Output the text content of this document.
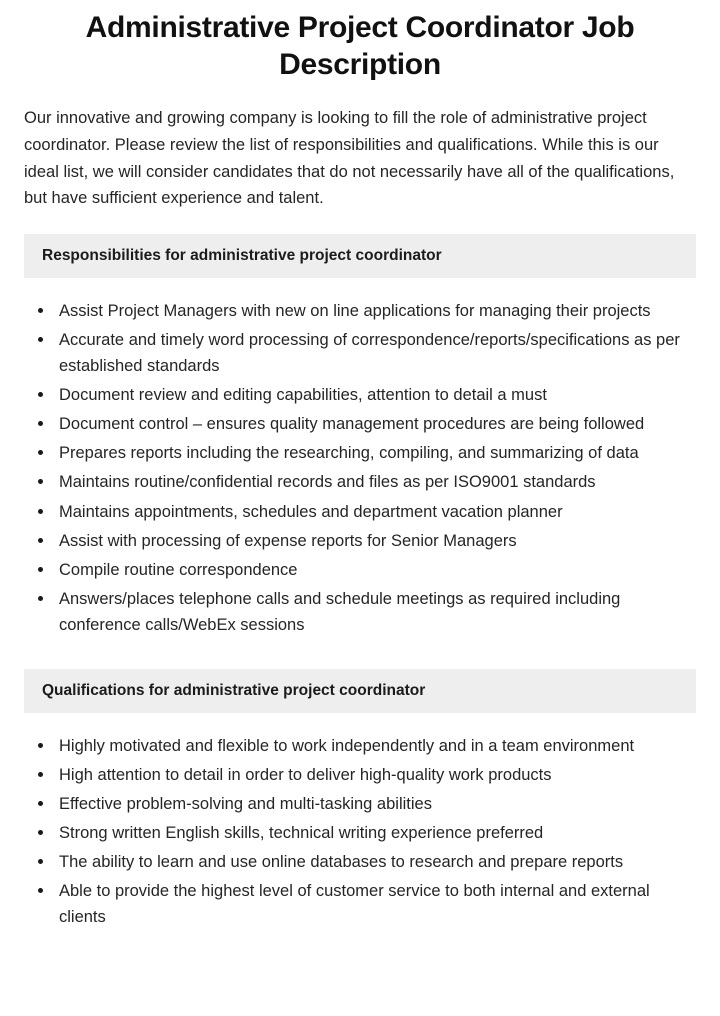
Administrative Project Coordinator Job Description

Our innovative and growing company is looking to fill the role of administrative project coordinator. Please review the list of responsibilities and qualifications. While this is our ideal list, we will consider candidates that do not necessarily have all of the qualifications, but have sufficient experience and talent.

Responsibilities for administrative project coordinator
Assist Project Managers with new on line applications for managing their projects
Accurate and timely word processing of correspondence/reports/specifications as per established standards
Document review and editing capabilities, attention to detail a must
Document control – ensures quality management procedures are being followed
Prepares reports including the researching, compiling, and summarizing of data
Maintains routine/confidential records and files as per ISO9001 standards
Maintains appointments, schedules and department vacation planner
Assist with processing of expense reports for Senior Managers
Compile routine correspondence
Answers/places telephone calls and schedule meetings as required including conference calls/WebEx sessions
Qualifications for administrative project coordinator
Highly motivated and flexible to work independently and in a team environment
High attention to detail in order to deliver high-quality work products
Effective problem-solving and multi-tasking abilities
Strong written English skills, technical writing experience preferred
The ability to learn and use online databases to research and prepare reports
Able to provide the highest level of customer service to both internal and external clients
